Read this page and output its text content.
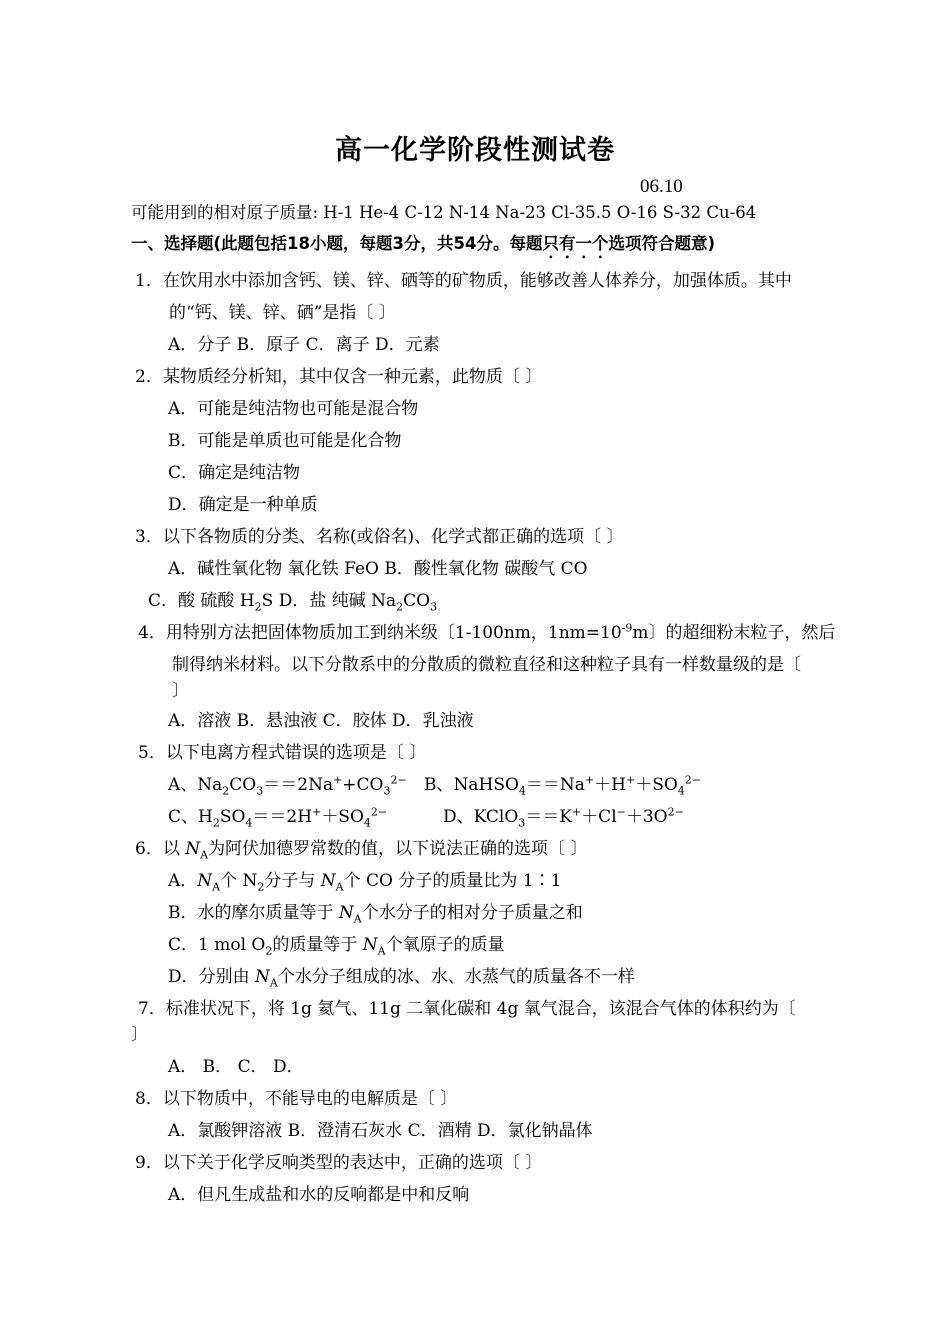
高一化学阶段性测试卷
06.10
可能用到的相对原子质量: H-1 He-4 C-12 N-14 Na-23 Cl-35.5 O-16 S-32 Cu-64
一、选择题(此题包括18小题，每题3分，共54分。每题只有一个选项符合题意)
1．在饮用水中添加含钙、镁、锌、硒等的矿物质，能够改善人体养分，加强体质。其中
的“钙、镁、锌、硒”是指〔 〕
A．分子 B．原子 C．离子 D．元素
2．某物质经分析知，其中仅含一种元素，此物质〔 〕
A．可能是纯洁物也可能是混合物
B．可能是单质也可能是化合物
C．确定是纯洁物
D．确定是一种单质
3．以下各物质的分类、名称(或俗名)、化学式都正确的选项〔 〕
A．碱性氧化物 氧化铁 FeO B．酸性氧化物 碳酸气 CO
C．酸 硫酸 $H_2S$ D．盐 纯碱 $Na_2CO_3$
4．用特别方法把固体物质加工到纳米级〔1-100nm，$1nm=10^{-9}m$〕的超细粉末粒子，然后
制得纳米材料。以下分散系中的分散质的微粒直径和这种粒子具有一样数量级的是〔
〕
A．溶液 B．悬浊液 C．胶体 D．乳浊液
5．以下电离方程式错误的选项是〔 〕
A、$Na_2CO_3==2Na^++CO_3^{2-}$ B、$NaHSO_4==Na^++H^++SO_4^{2-}$
C、$H_2SO_4==2H^++SO_4^{2-}$	D、$KClO_3==K^++Cl^-+3O^{2-}$
6．以 $N_A$为阿伏加德罗常数的值，以下说法正确的选项〔 〕
A．$N_A$个 $N_2$分子与 $N_A$个 CO 分子的质量比为 1∶1
B．水的摩尔质量等于 $N_A$个水分子的相对分子质量之和
C．1 mol $O_2$的质量等于 $N_A$个氧原子的质量
D．分别由 $N_A$个水分子组成的冰、水、水蒸气的质量各不一样
7．标准状况下，将 1g 氦气、11g 二氧化碳和 4g 氧气混合，该混合气体的体积约为〔
〕
A． B． C． D．
8．以下物质中，不能导电的电解质是〔 〕
A．氯酸钾溶液 B．澄清石灰水 C．酒精 D．氯化钠晶体
9．以下关于化学反响类型的表达中，正确的选项〔 〕
A．但凡生成盐和水的反响都是中和反响
